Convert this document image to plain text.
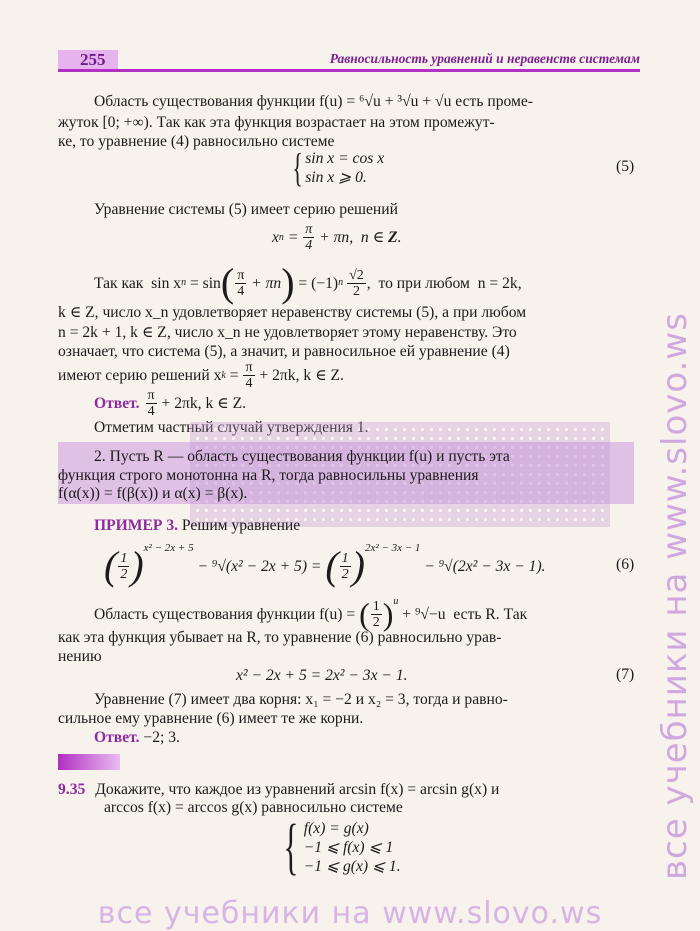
255	Равносильность уравнений и неравенств системам
Область существования функции f(u) = ⁶√u + ³√u + √u есть проме-
жуток [0; +∞). Так как эта функция возрастает на этом промежут-
ке, то уравнение (4) равносильно системе
{ sin x = cos x
sin x ⩾ 0.
(5)
Уравнение системы (5) имеет серию решений
x $n = \frac{\pi}{4} + \pi n$,  n ∈ Z .
Так как  sin x n = sin ( $\frac{\pi}{4} + \pi n$ ) = (−1) n $\frac{√2}{2}$ ,  то при любом  n = 2k,
k ∈ Z, число x_n удовлетворяет неравенству системы (5), а при любом
n = 2k + 1, k ∈ Z, число x_n не удовлетворяет этому неравенству. Это
означает, что система (5), а значит, и равносильное ей уравнение (4)
имеют серию решений x $k = \frac{\pi}{4} + 2\pi k$, k ∈ Z.
Ответ. $\frac{\pi}{4} + 2\pi k$, k ∈ Z.
Отметим частный случай утверждения 1.
2. Пусть R — область существования функции f(u) и пусть эта
функция строго монотонна на R, тогда равносильны уравнения
f(α(x)) = f(β(x)) и α(x) = β(x).
ПРИМЕР 3. Решим уравнение
( $\frac{1}{2} )^{x^2 - 2x + 5}$
− ⁹√(x² − 2x + 5) = ( $\frac{1}{2} )^{2x^2 - 3x - 1}$
− ⁹√(2x² − 3x − 1).	(6)
Область существования функции f(u) = ( $\frac{1}{2} )^u$
+ ⁹√−u  есть R. Так
как эта функция убывает на R, то уравнение (6) равносильно урав-
нению
x² − 2x + 5 = 2x² − 3x − 1.	(7)
Уравнение (7) имеет два корня: x₁ = −2 и x₂ = 3, тогда и равно-
сильное ему уравнение (6) имеет те же корни.
Ответ. −2; 3.
9.35 Докажите, что каждое из уравнений arcsin f(x) = arcsin g(x) и
arccos f(x) = arccos g(x) равносильно системе
{ f(x) = g(x)
−1 ⩽ f(x) ⩽ 1
−1 ⩽ g(x) ⩽ 1.	все учебники на www.slovo.ws
все учебники на www.slovo.ws
